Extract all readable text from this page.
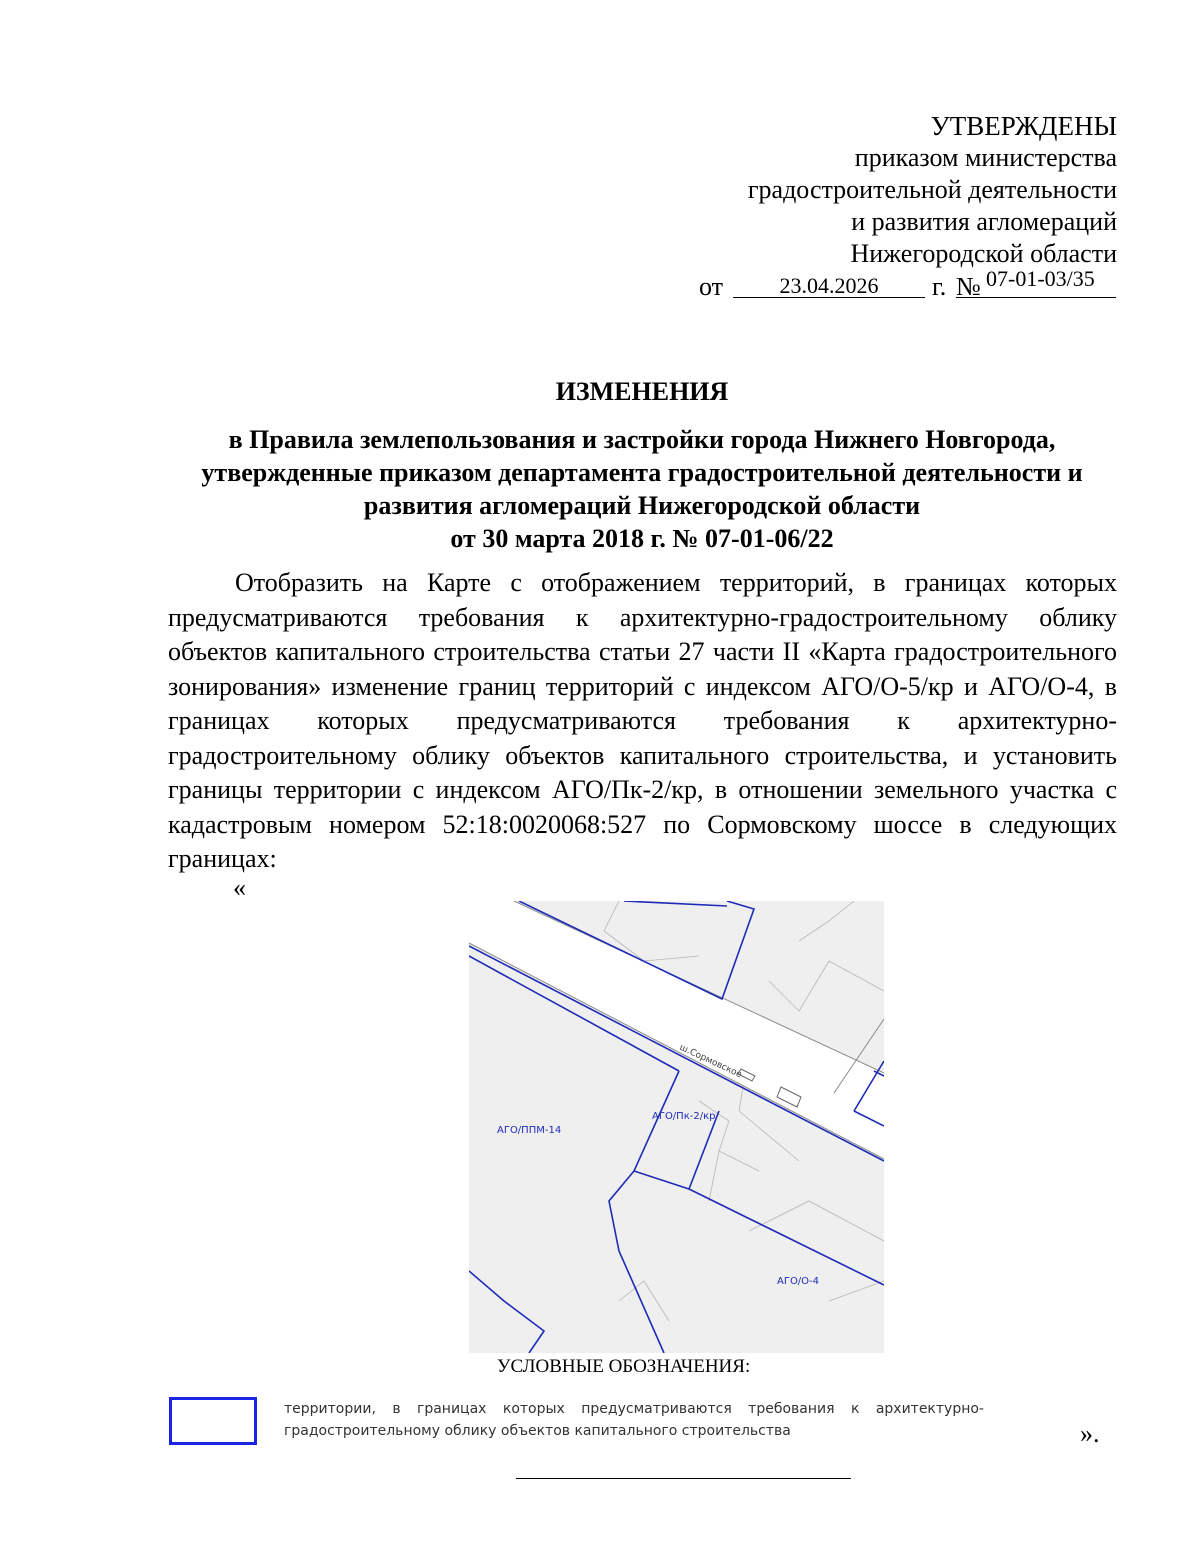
УТВЕРЖДЕНЫ
приказом министерства
градостроительной деятельности
и развития агломераций
Нижегородской области
от	23.04.2026	г. № 07-01-03/35
ИЗМЕНЕНИЯ
в Правила землепользования и застройки города Нижнего Новгорода,
утвержденные приказом департамента градостроительной деятельности и
развития агломераций Нижегородской области
от 30 марта 2018 г. № 07-01-06/22

Отобразить на Карте с отображением территорий, в границах которых предусматриваются требования к архитектурно-градостроительному облику объектов капитального строительства статьи 27 части II «Карта градостроительного зонирования» изменение границ территорий с индексом АГО/О-5/кр и АГО/О-4, в границах которых предусматриваются требования к архитектурно-градостроительному облику объектов капитального строительства, и установить границы территории с индексом АГО/Пк-2/кр, в отношении земельного участка с кадастровым номером 52:18:0020068:527 по Сормовскому шоссе в следующих границах:

«
ш.Сормовское
АГО/ППМ-14
АГО/Пк-2/кр
АГО/О-4
УСЛОВНЫЕ ОБОЗНАЧЕНИЯ:
территории, в границах которых предусматриваются требования к архитектурно-градостроительному облику объектов капитального строительства	».
